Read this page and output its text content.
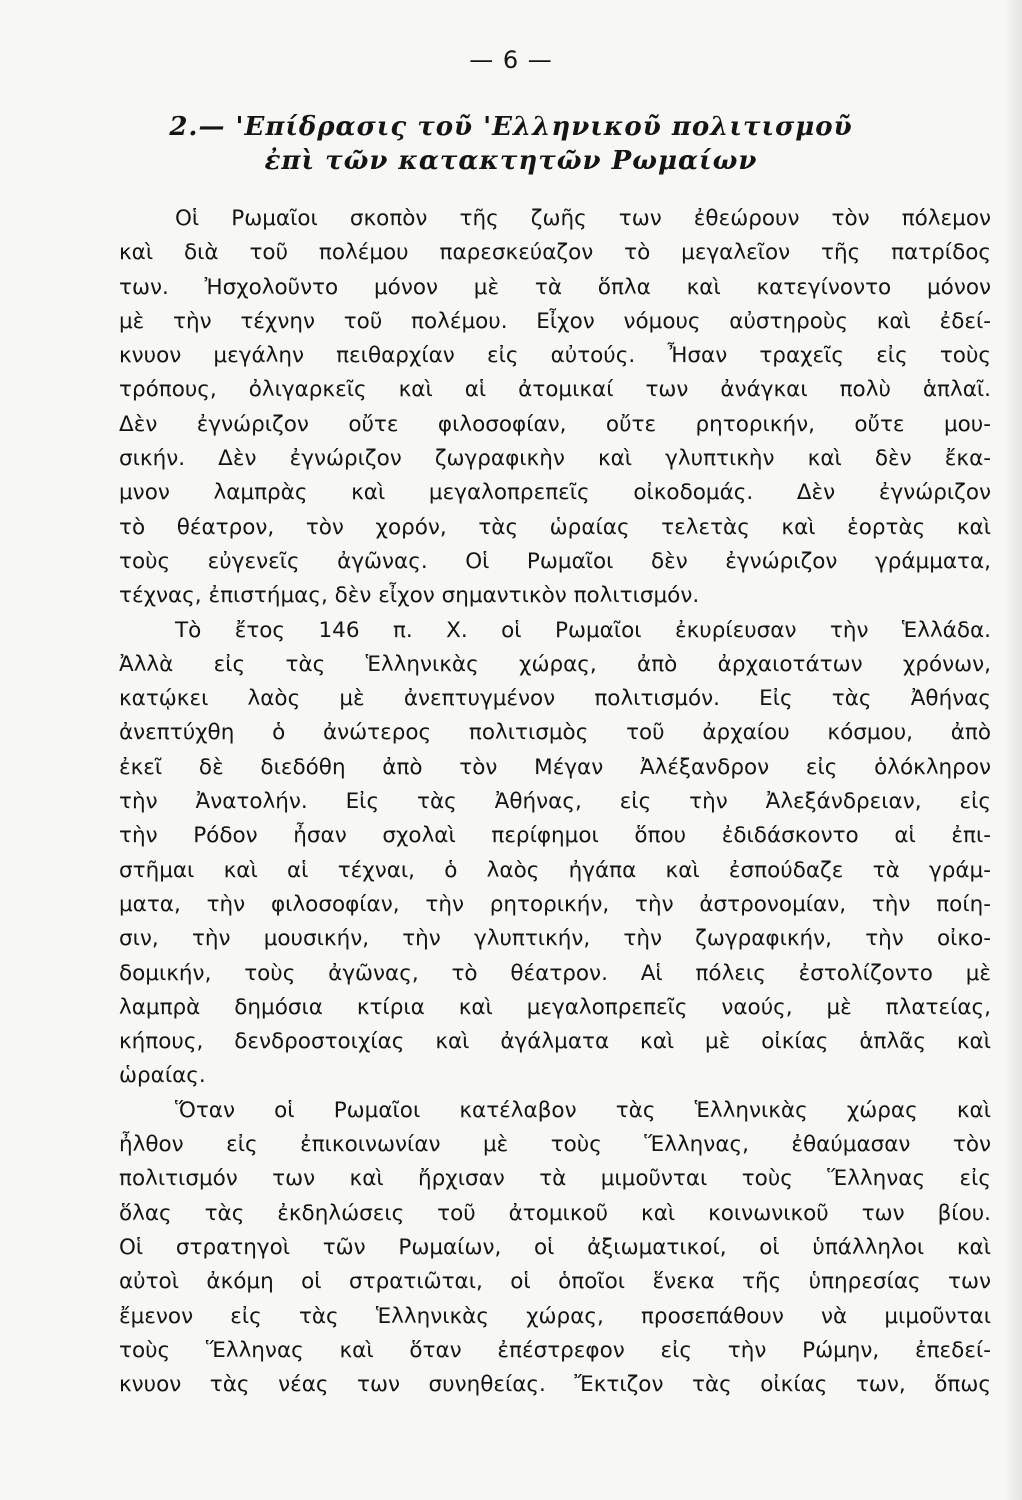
— 6 —
2.— 'Επίδρασις τοῦ 'Ελληνικοῦ πολιτισμοῦ
ἐπὶ τῶν κατακτητῶν Ρωμαίων
Οἱ Ρωμαῖοι σκοπὸν τῆς ζωῆς των ἐθεώρουν τὸν πόλεμον
καὶ διὰ τοῦ πολέμου παρεσκεύαζον τὸ μεγαλεῖον τῆς πατρίδος
των. Ἠσχολοῦντο μόνον μὲ τὰ ὅπλα καὶ κατεγίνοντο μόνον
μὲ τὴν τέχνην τοῦ πολέμου. Εἶχον νόμους αὐστηροὺς καὶ ἐδεί-
κνυον μεγάλην πειθαρχίαν εἰς αὐτούς. Ἦσαν τραχεῖς εἰς τοὺς
τρόπους, ὀλιγαρκεῖς καὶ αἱ ἀτομικαί των ἀνάγκαι πολὺ ἁπλαῖ.
Δὲν ἐγνώριζον οὔτε φιλοσοφίαν, οὔτε ρητορικήν, οὔτε μου-
σικήν. Δὲν ἐγνώριζον ζωγραφικὴν καὶ γλυπτικὴν καὶ δὲν ἔκα-
μνον λαμπρὰς καὶ μεγαλοπρεπεῖς οἰκοδομάς. Δὲν ἐγνώριζον
τὸ θέατρον, τὸν χορόν, τὰς ὡραίας τελετὰς καὶ ἑορτὰς καὶ
τοὺς εὐγενεῖς ἀγῶνας. Οἱ Ρωμαῖοι δὲν ἐγνώριζον γράμματα,
τέχνας, ἐπιστήμας, δὲν εἶχον σημαντικὸν πολιτισμόν.
Τὸ ἔτος 146 π. Χ. οἱ Ρωμαῖοι ἐκυρίευσαν τὴν Ἑλλάδα.
Ἀλλὰ εἰς τὰς Ἑλληνικὰς χώρας, ἀπὸ ἀρχαιοτάτων χρόνων,
κατῴκει λαὸς μὲ ἀνεπτυγμένον πολιτισμόν. Εἰς τὰς Ἀθήνας
ἀνεπτύχθη ὁ ἀνώτερος πολιτισμὸς τοῦ ἀρχαίου κόσμου, ἀπὸ
ἐκεῖ δὲ διεδόθη ἀπὸ τὸν Μέγαν Ἀλέξανδρον εἰς ὁλόκληρον
τὴν Ἀνατολήν. Εἰς τὰς Ἀθήνας, εἰς τὴν Ἀλεξάνδρειαν, εἰς
τὴν Ρόδον ἦσαν σχολαὶ περίφημοι ὅπου ἐδιδάσκοντο αἱ ἐπι-
στῆμαι καὶ αἱ τέχναι, ὁ λαὸς ἠγάπα καὶ ἐσπούδαζε τὰ γράμ-
ματα, τὴν φιλοσοφίαν, τὴν ρητορικήν, τὴν ἀστρονομίαν, τὴν ποίη-
σιν, τὴν μουσικήν, τὴν γλυπτικήν, τὴν ζωγραφικήν, τὴν οἰκο-
δομικήν, τοὺς ἀγῶνας, τὸ θέατρον. Αἱ πόλεις ἐστολίζοντο μὲ
λαμπρὰ δημόσια κτίρια καὶ μεγαλοπρεπεῖς ναούς, μὲ πλατείας,
κήπους, δενδροστοιχίας καὶ ἀγάλματα καὶ μὲ οἰκίας ἁπλᾶς καὶ
ὡραίας.
Ὅταν οἱ Ρωμαῖοι κατέλαβον τὰς Ἑλληνικὰς χώρας καὶ
ἦλθον εἰς ἐπικοινωνίαν μὲ τοὺς Ἕλληνας, ἐθαύμασαν τὸν
πολιτισμόν των καὶ ἤρχισαν τὰ μιμοῦνται τοὺς Ἕλληνας εἰς
ὅλας τὰς ἐκδηλώσεις τοῦ ἀτομικοῦ καὶ κοινωνικοῦ των βίου.
Οἱ στρατηγοὶ τῶν Ρωμαίων, οἱ ἀξιωματικοί, οἱ ὑπάλληλοι καὶ
αὐτοὶ ἀκόμη οἱ στρατιῶται, οἱ ὁποῖοι ἕνεκα τῆς ὑπηρεσίας των
ἔμενον εἰς τὰς Ἑλληνικὰς χώρας, προσεπάθουν νὰ μιμοῦνται
τοὺς Ἕλληνας καὶ ὅταν ἐπέστρεφον εἰς τὴν Ρώμην, ἐπεδεί-
κνυον τὰς νέας των συνηθείας. Ἔκτιζον τὰς οἰκίας των, ὅπως
